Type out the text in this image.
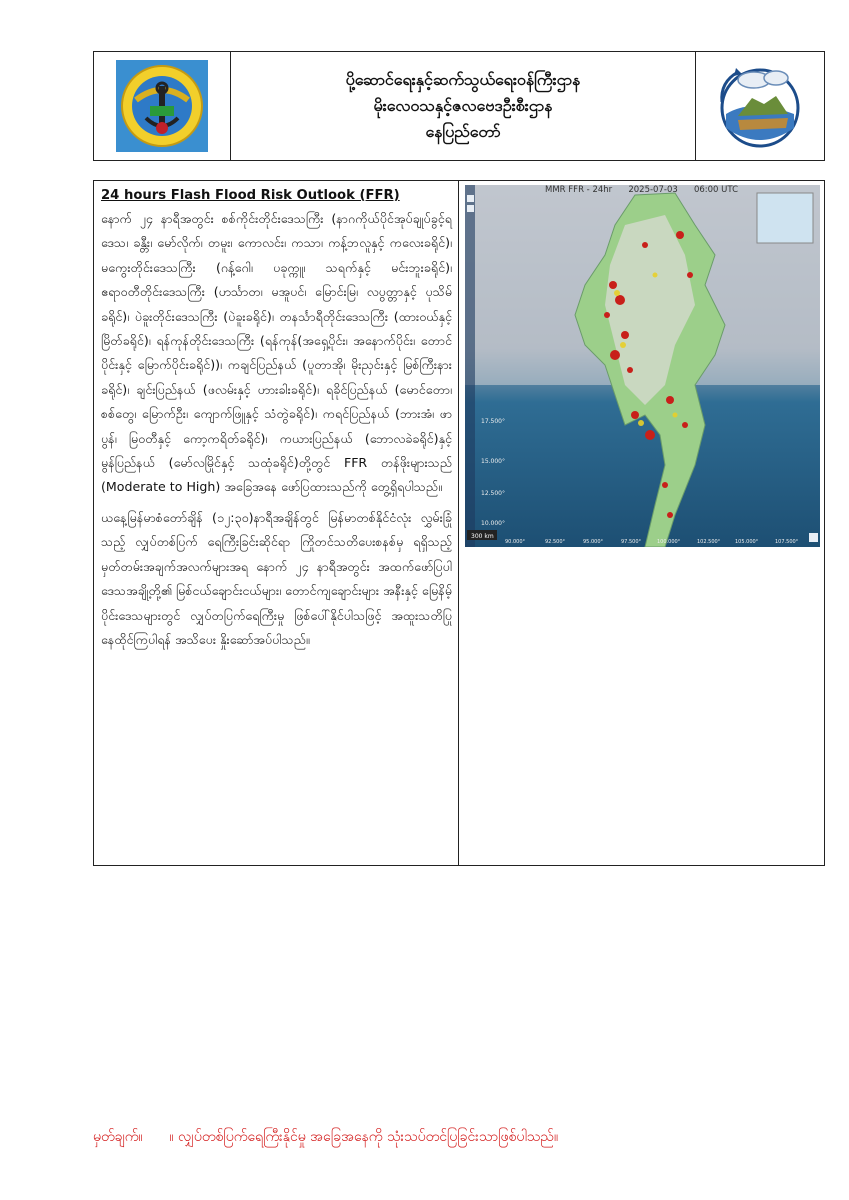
ပို့ဆောင်ရေးနှင့်ဆက်သွယ်ရေးဝန်ကြီးဌာန
မိုးလေဝသနှင့်ဇလဗေဒဦးစီးဌာန
နေပြည်တော်
24 hours Flash Flood Risk Outlook (FFR)

နောက် ၂၄ နာရီအတွင်း စစ်ကိုင်းတိုင်းဒေသကြီး (နာဂကိုယ်ပိုင်အုပ်ချုပ်ခွင့်ရဒေသ၊ ခန္တီး၊ မော်လိုက်၊ တမူး၊ ကောလင်း၊ ကသာ၊ ကန့်ဘလူနှင့် ကလေးခရိုင်)၊ မကွေးတိုင်းဒေသကြီး (ဂန့်ဂေါ၊ ပခုက္ကူ၊ သရက်နှင့် မင်းဘူးခရိုင်)၊ ဧရာဝတီတိုင်းဒေသကြီး (ဟင်္သာတ၊ မအူပင်၊ မြောင်းမြ၊ လပွတ္တာနှင့် ပုသိမ်ခရိုင်)၊ ပဲခူးတိုင်းဒေသကြီး (ပဲခူးခရိုင်)၊ တနင်္သာရီတိုင်းဒေသကြီး (ထားဝယ်နှင့် မြိတ်ခရိုင်)၊ ရန်ကုန်တိုင်းဒေသကြီး (ရန်ကုန်(အရှေ့ပိုင်း၊ အနောက်ပိုင်း၊ တောင်ပိုင်းနှင့် မြောက်ပိုင်းခရိုင်))၊ ကချင်ပြည်နယ် (ပူတာအို၊ မိုးညှင်းနှင့် မြစ်ကြီးနားခရိုင်)၊ ချင်းပြည်နယ် (ဖလမ်းနှင့် ဟားခါးခရိုင်)၊ ရခိုင်ပြည်နယ် (မောင်တော၊ စစ်တွေ၊ မြောက်ဦး၊ ကျောက်ဖြူနှင့် သံတွဲခရိုင်)၊ ကရင်ပြည်နယ် (ဘားအံ၊ ဖာပွန်၊ မြဝတီနှင့် ကော့ကရိတ်ခရိုင်)၊ ကယားပြည်နယ် (ဘောလခဲခရိုင်)နှင့် မွန်ပြည်နယ် (မော်လမြိုင်နှင့် သထုံခရိုင်)တို့တွင် FFR တန်ဖိုးများသည် (Moderate to High) အခြေအနေ ဖော်ပြထားသည်ကို တွေ့ရှိရပါသည်။

ယနေ့မြန်မာစံတော်ချိန် (၁၂:၃၀)နာရီအချိန်တွင် မြန်မာတစ်နိုင်ငံလုံး လွှမ်းခြုံသည့် လျှပ်တစ်ပြက် ရေကြီးခြင်းဆိုင်ရာ ကြိုတင်သတိပေးစနစ်မှ ရရှိသည့် မှတ်တမ်းအချက်အလက်များအရ နောက် ၂၄ နာရီအတွင်း အထက်ဖော်ပြပါ ဒေသအချို့တို့၏ မြစ်ငယ်ချောင်းငယ်များ၊ တောင်ကျချောင်းများ အနီးနှင့် မြေနိမ့်ပိုင်းဒေသများတွင် လျှပ်တပြက်ရေကြီးမှု ဖြစ်ပေါ်နိုင်ပါသဖြင့် အထူးသတိပြု နေထိုင်ကြပါရန် အသိပေး နှိုးဆော်အပ်ပါသည်။

300 km
17.500°
15.000°
12.500°
10.000°
90.000°	92.500°	95.000°	97.500°	100.000°	102.500°	105.000°	107.500°
MMR FFR - 24hr      2025-07-03      06:00 UTC
မှတ်ချက်။ ။ လျှပ်တစ်ပြက်ရေကြီးနိုင်မှု အခြေအနေကို သုံးသပ်တင်ပြခြင်းသာဖြစ်ပါသည်။
